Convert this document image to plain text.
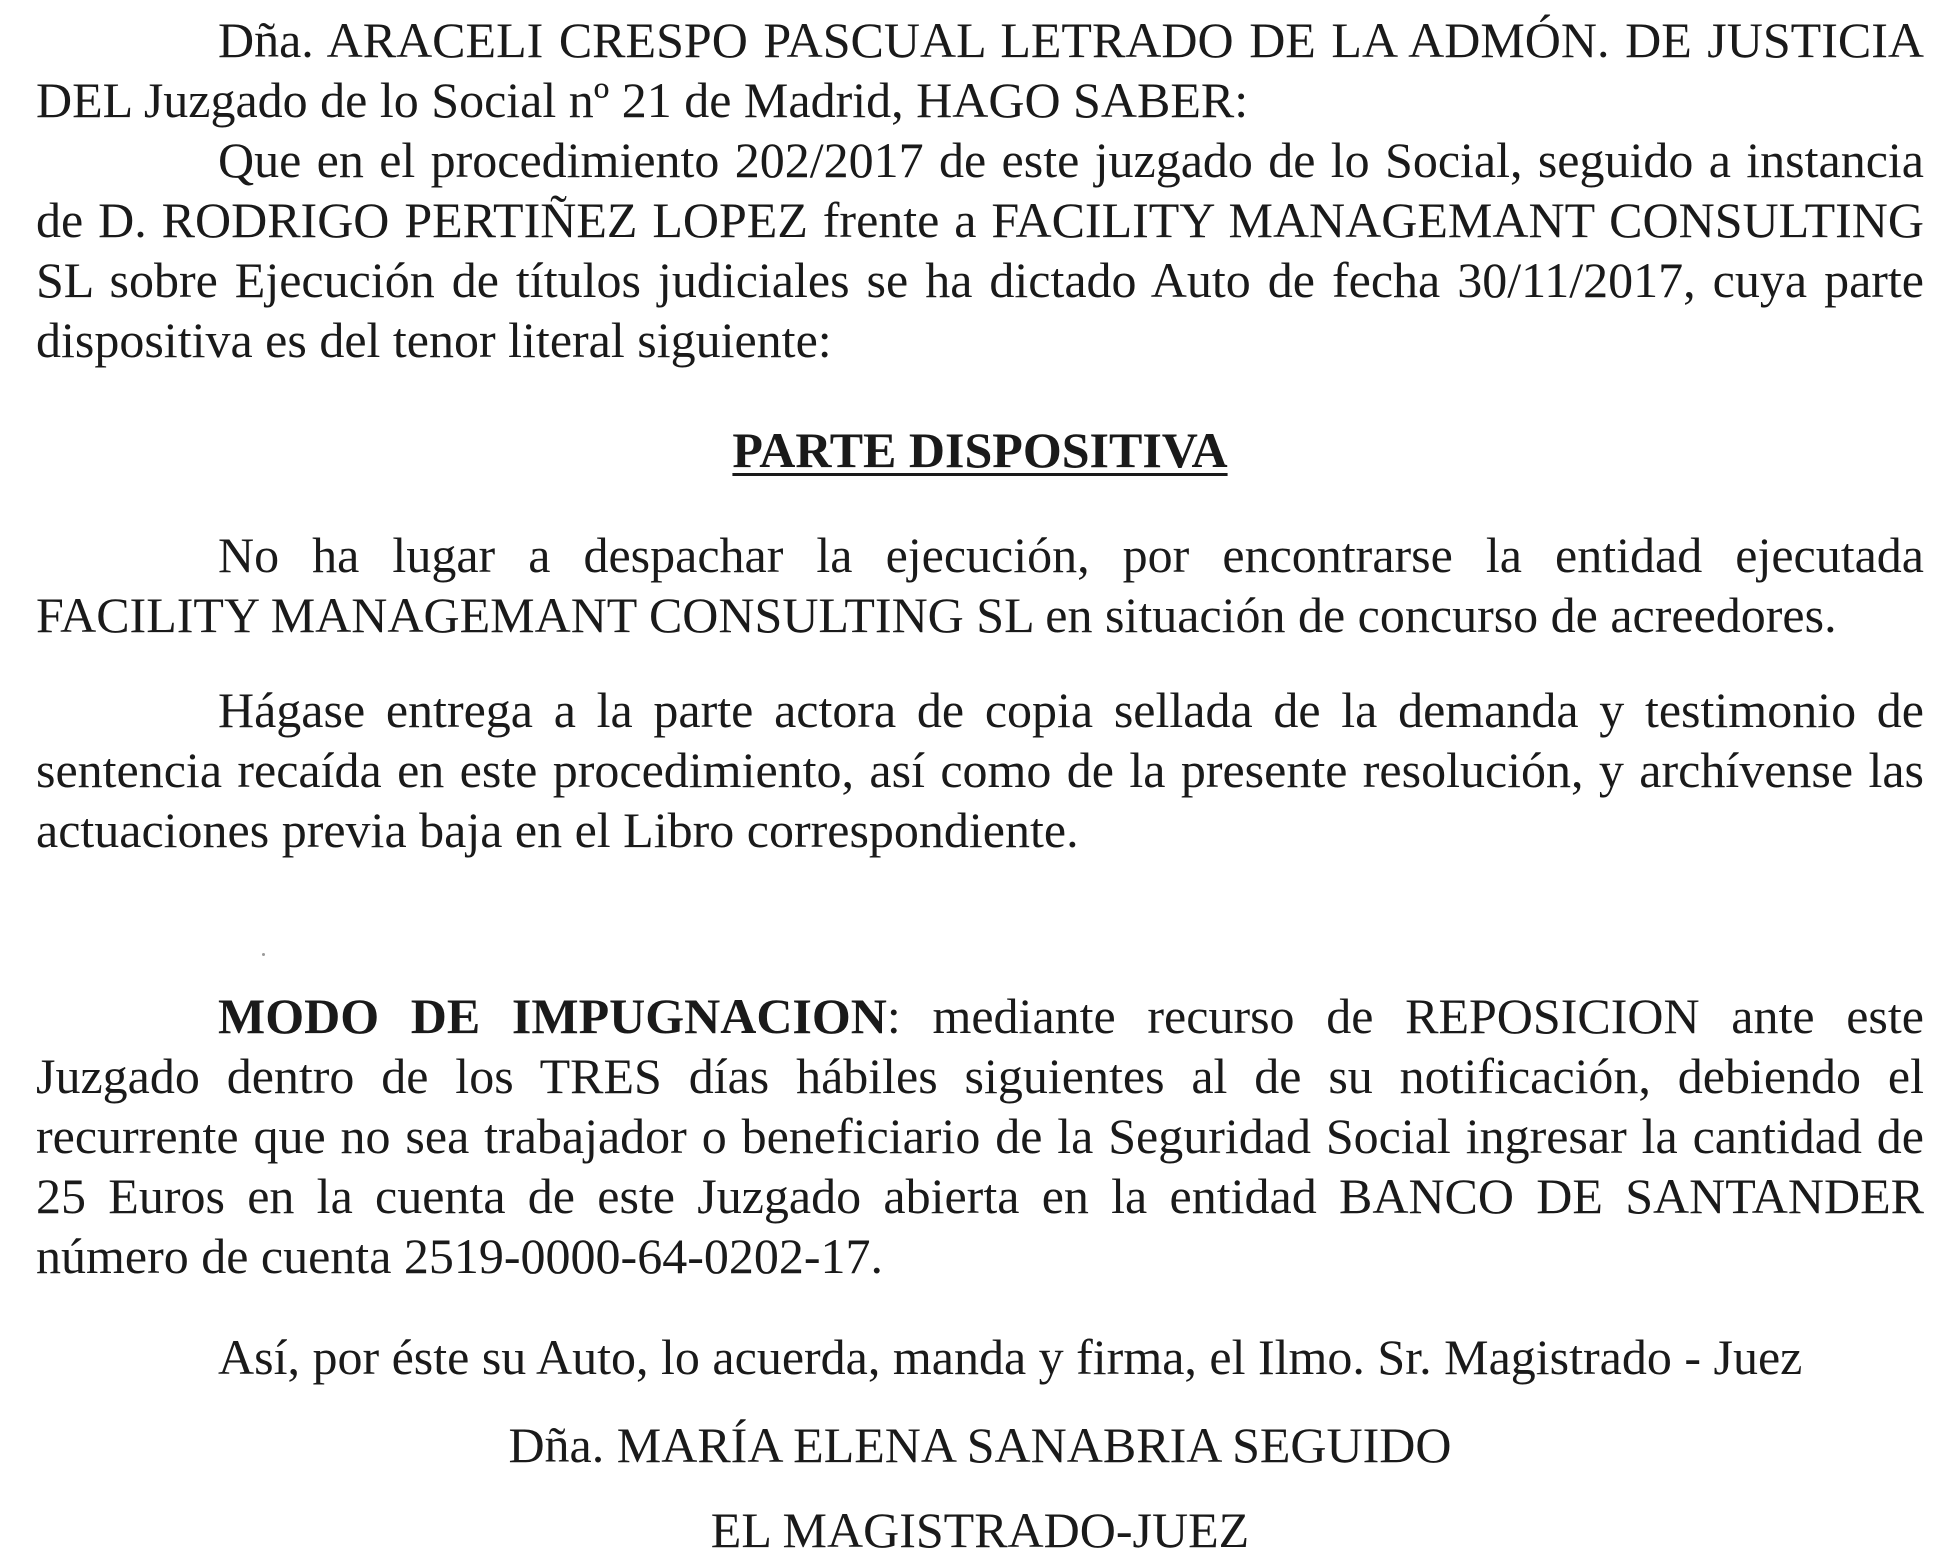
Dña. ARACELI CRESPO PASCUAL LETRADO DE LA ADMÓN. DE JUSTICIA DEL Juzgado de lo Social nº 21 de Madrid, HAGO SABER:

Que en el procedimiento 202/2017 de este juzgado de lo Social, seguido a instancia de D. RODRIGO PERTIÑEZ LOPEZ frente a FACILITY MANAGEMANT CONSULTING SL sobre Ejecución de títulos judiciales se ha dictado Auto de fecha 30/11/2017, cuya parte dispositiva es del tenor literal siguiente:

PARTE DISPOSITIVA

No ha lugar a despachar la ejecución, por encontrarse la entidad ejecutada FACILITY MANAGEMANT CONSULTING SL en situación de concurso de acreedores.

Hágase entrega a la parte actora de copia sellada de la demanda y testimonio de sentencia recaída en este procedimiento, así como de la presente resolución, y archívense las actuaciones previa baja en el Libro correspondiente.

MODO DE IMPUGNACION: mediante recurso de REPOSICION ante este Juzgado dentro de los TRES días hábiles siguientes al de su notificación, debiendo el recurrente que no sea trabajador o beneficiario de la Seguridad Social ingresar la cantidad de 25 Euros en la cuenta de este Juzgado abierta en la entidad BANCO DE SANTANDER número de cuenta 2519-0000-64-0202-17.

Así, por éste su Auto, lo acuerda, manda y firma, el Ilmo. Sr. Magistrado - Juez

Dña. MARÍA ELENA SANABRIA SEGUIDO

EL MAGISTRADO-JUEZ
